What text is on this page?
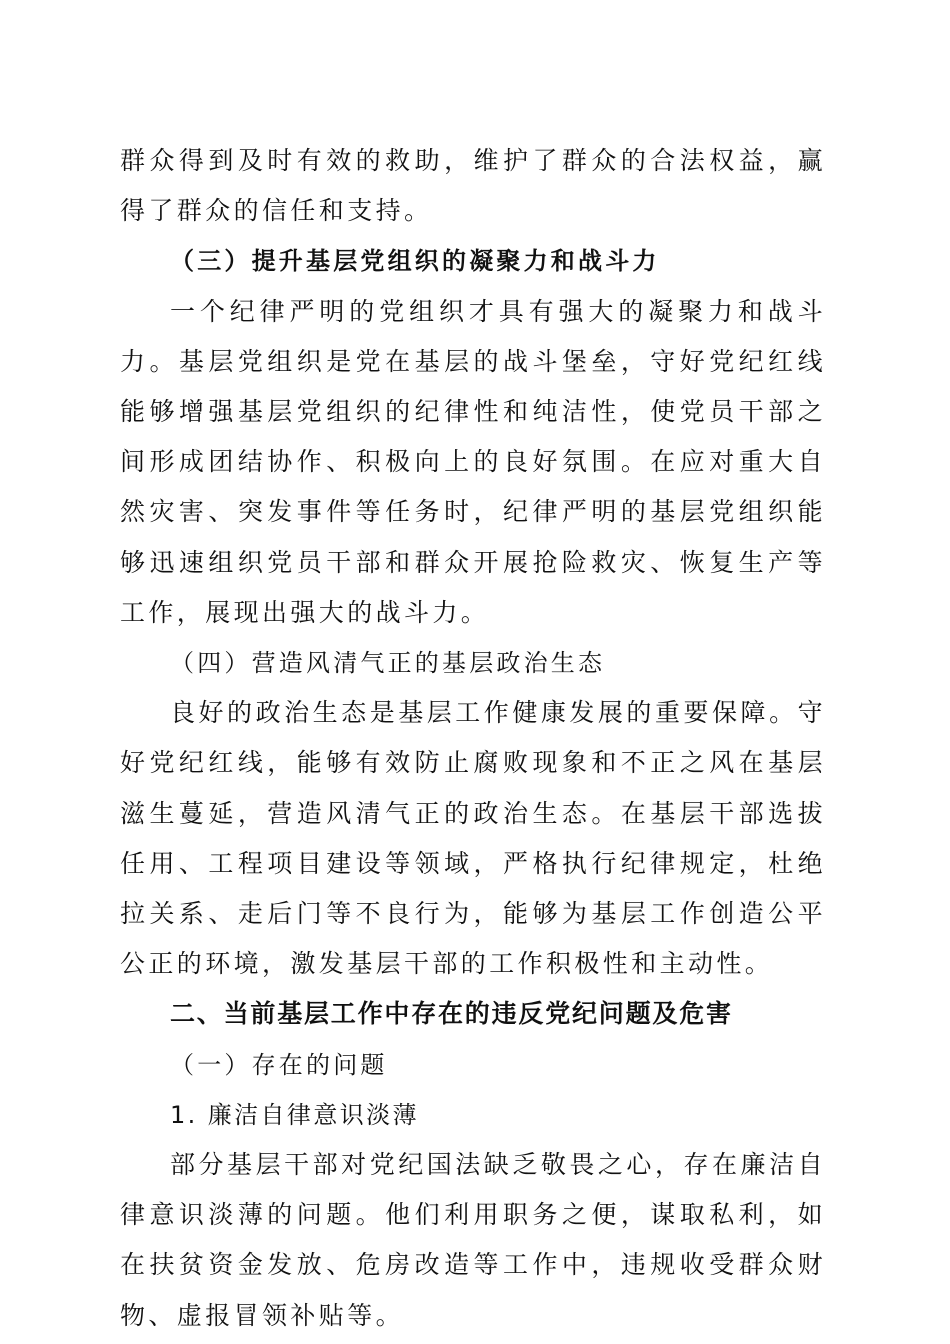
群众得到及时有效的救助，维护了群众的合法权益，赢得了群众的信任和支持。

（三）提升基层党组织的凝聚力和战斗力

一个纪律严明的党组织才具有强大的凝聚力和战斗力。基层党组织是党在基层的战斗堡垒，守好党纪红线能够增强基层党组织的纪律性和纯洁性，使党员干部之间形成团结协作、积极向上的良好氛围。在应对重大自然灾害、突发事件等任务时，纪律严明的基层党组织能够迅速组织党员干部和群众开展抢险救灾、恢复生产等工作，展现出强大的战斗力。

（四）营造风清气正的基层政治生态

良好的政治生态是基层工作健康发展的重要保障。守好党纪红线，能够有效防止腐败现象和不正之风在基层滋生蔓延，营造风清气正的政治生态。在基层干部选拔任用、工程项目建设等领域，严格执行纪律规定，杜绝拉关系、走后门等不良行为，能够为基层工作创造公平公正的环境，激发基层干部的工作积极性和主动性。

二、当前基层工作中存在的违反党纪问题及危害

（一）存在的问题

1. 廉洁自律意识淡薄

部分基层干部对党纪国法缺乏敬畏之心，存在廉洁自律意识淡薄的问题。他们利用职务之便，谋取私利，如在扶贫资金发放、危房改造等工作中，违规收受群众财物、虚报冒领补贴等。
